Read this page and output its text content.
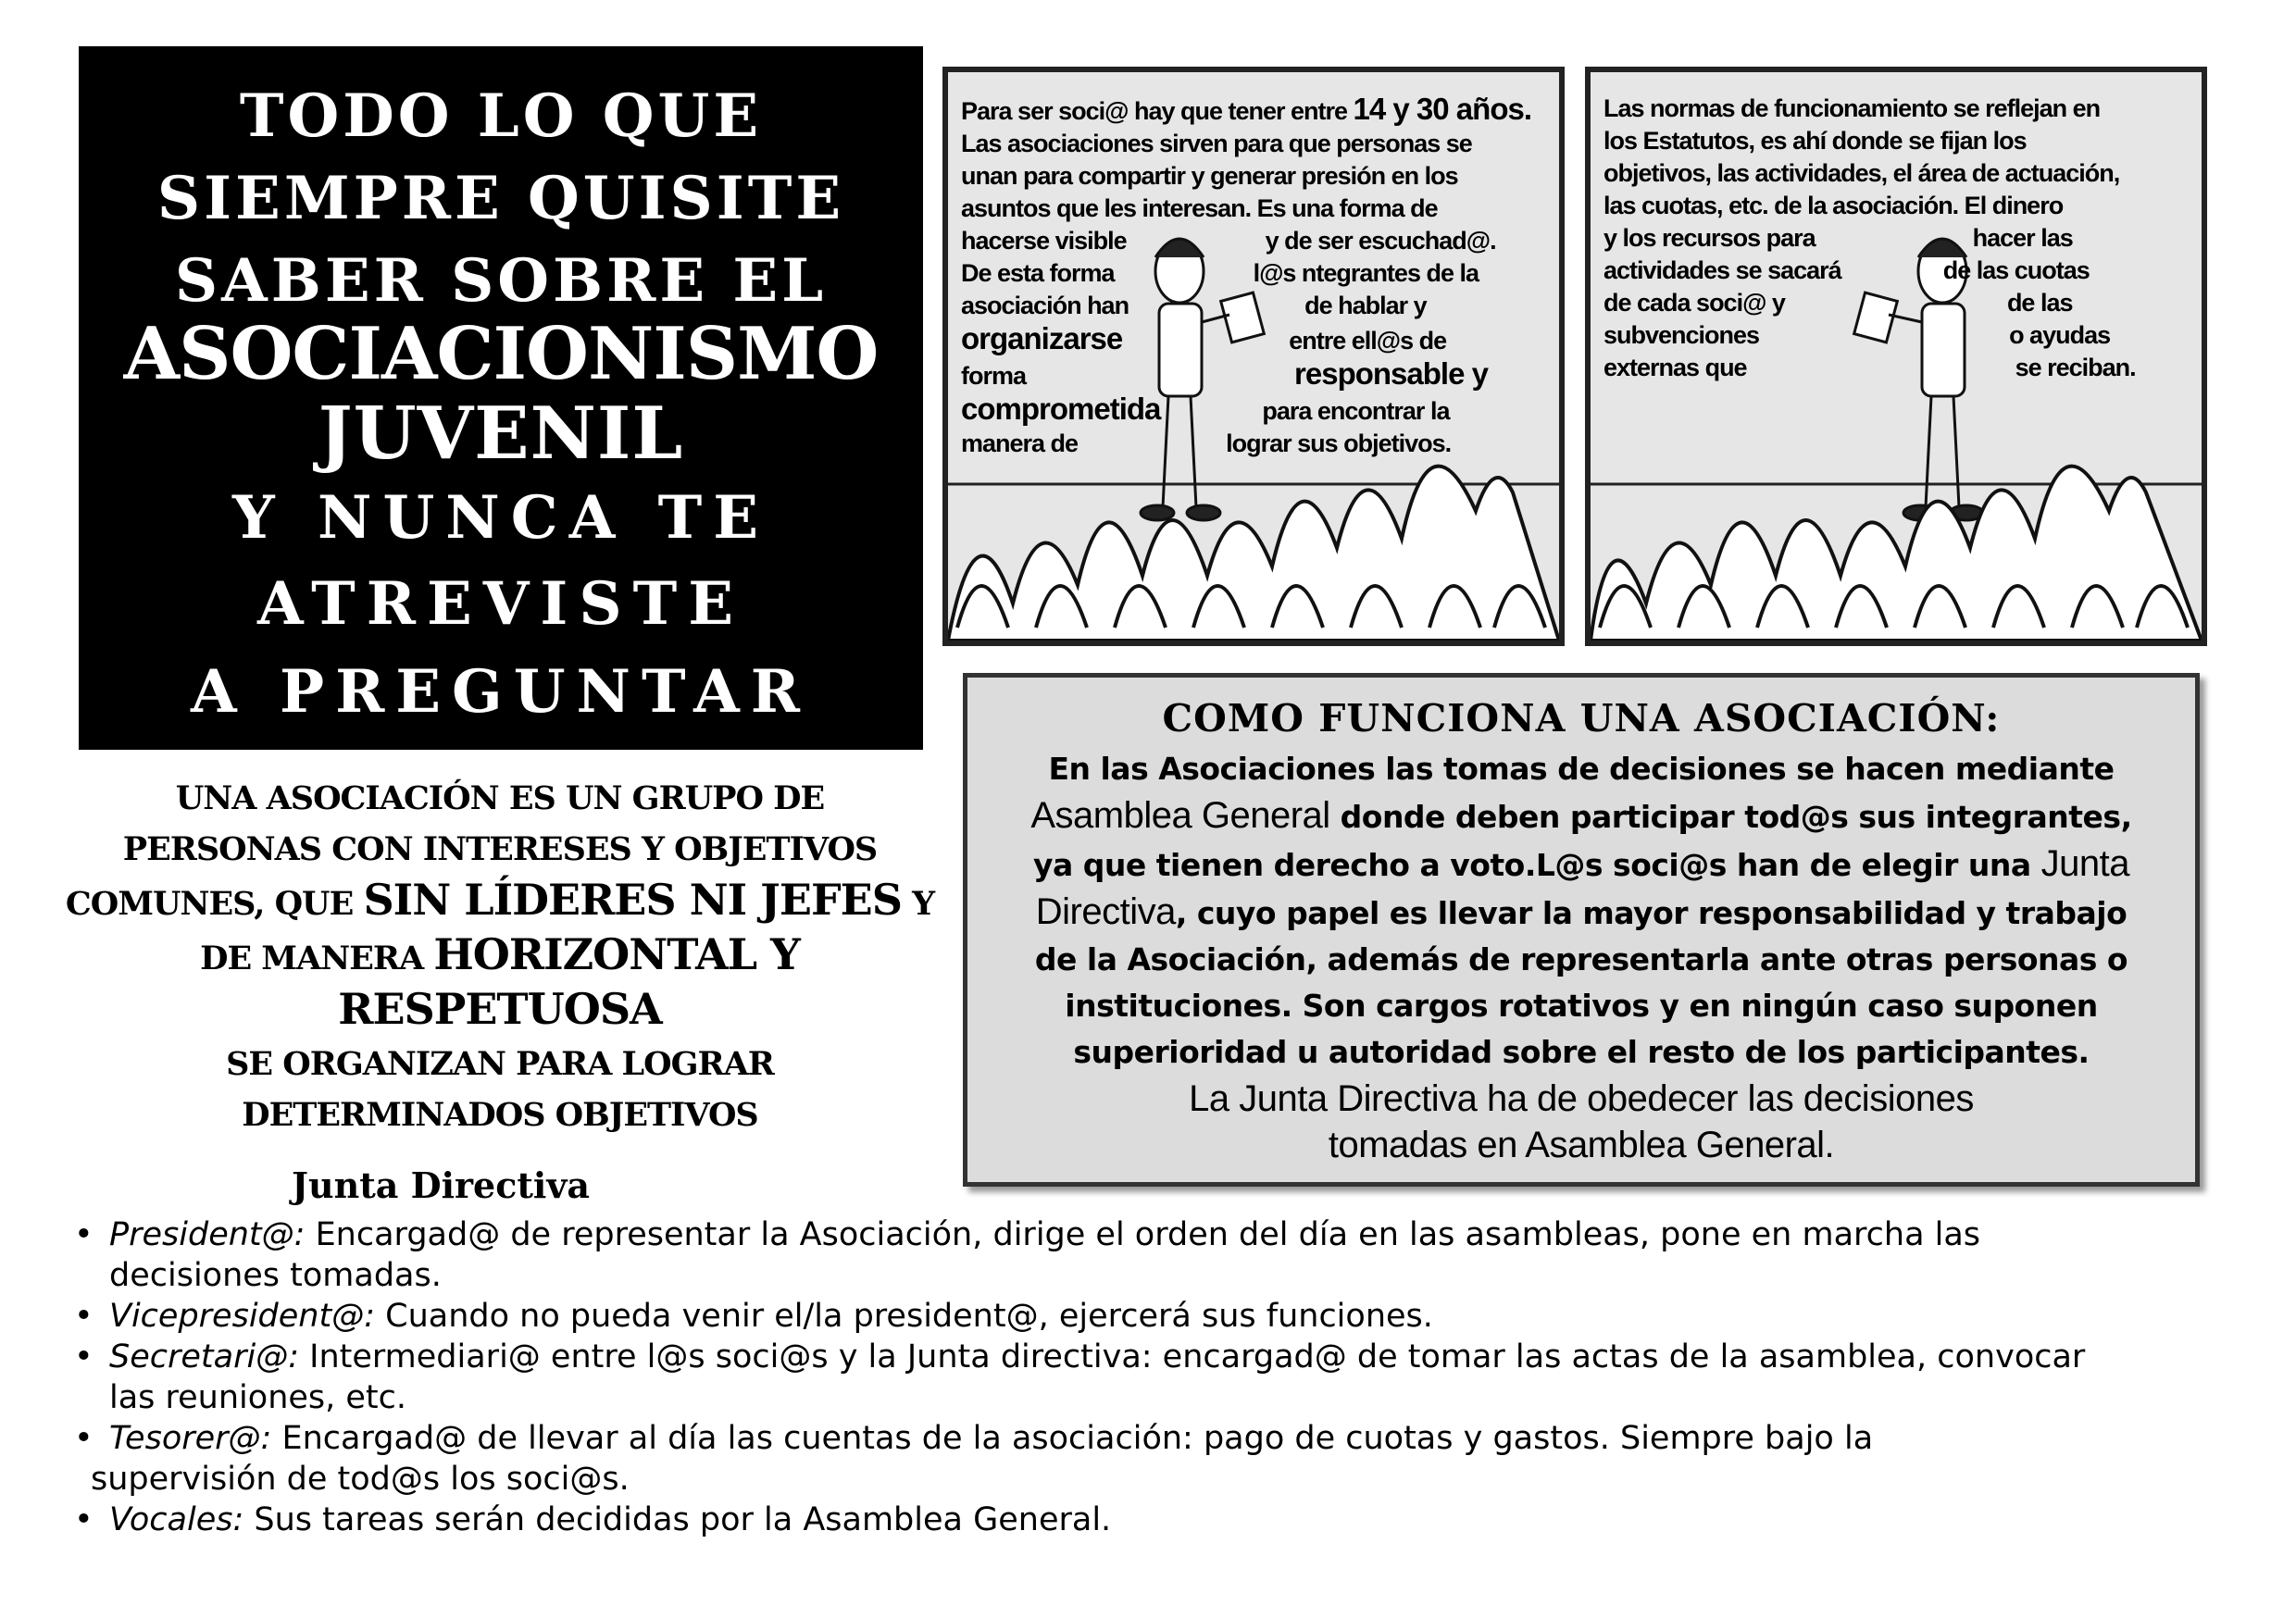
TODO LO QUE
SIEMPRE QUISITE
SABER SOBRE EL
ASOCIACIONISMO
JUVENIL
Y NUNCA TE
ATREVISTE
A PREGUNTAR
UNA ASOCIACIÓN ES UN GRUPO DE
PERSONAS CON INTERESES Y OBJETIVOS
COMUNES, QUE SIN LÍDERES NI JEFES Y
DE MANERA HORIZONTAL Y RESPETUOSA
SE ORGANIZAN PARA LOGRAR
DETERMINADOS OBJETIVOS
Para ser soci@ hay que tener entre 14 y 30 años.
Las asociaciones sirven para que personas se
unan para compartir y generar presión en los
asuntos que les interesan. Es una forma de
hacerse visible	y de ser escuchad@.
De esta forma	l@s ntegrantes de la
asociación han	de hablar y
organizarse	entre ell@s de
forma	responsable y
comprometida	para encontrar la
manera de	lograr sus objetivos.
Las normas de funcionamiento se reflejan en
los Estatutos, es ahí donde se fijan los
objetivos, las actividades, el área de actuación,
las cuotas, etc. de la asociación. El dinero
y los recursos para	hacer las
actividades se sacará	de las cuotas
de cada soci@ y	de las
subvenciones	o ayudas
externas que	se reciban.
COMO FUNCIONA UNA ASOCIACIÓN:
En las Asociaciones las tomas de decisiones se hacen mediante
Asamblea General donde deben participar tod@s sus integrantes,
ya que tienen derecho a voto.L@s soci@s han de elegir una Junta
Directiva, cuyo papel es llevar la mayor responsabilidad y trabajo
de la Asociación, además de representarla ante otras personas o
instituciones. Son cargos rotativos y en ningún caso suponen
superioridad u autoridad sobre el resto de los participantes.
La Junta Directiva ha de obedecer las decisiones
tomadas en Asamblea General.
Junta Directiva
• President@: Encargad@ de representar la Asociación, dirige el orden del día en las asambleas, pone en marcha las
decisiones tomadas.
• Vicepresident@: Cuando no pueda venir el/la president@, ejercerá sus funciones.
• Secretari@: Intermediari@ entre l@s soci@s y la Junta directiva: encargad@ de tomar las actas de la asamblea, convocar
las reuniones, etc.
• Tesorer@: Encargad@ de llevar al día las cuentas de la asociación: pago de cuotas y gastos. Siempre bajo la
supervisión de tod@s los soci@s.
• Vocales: Sus tareas serán decididas por la Asamblea General.
